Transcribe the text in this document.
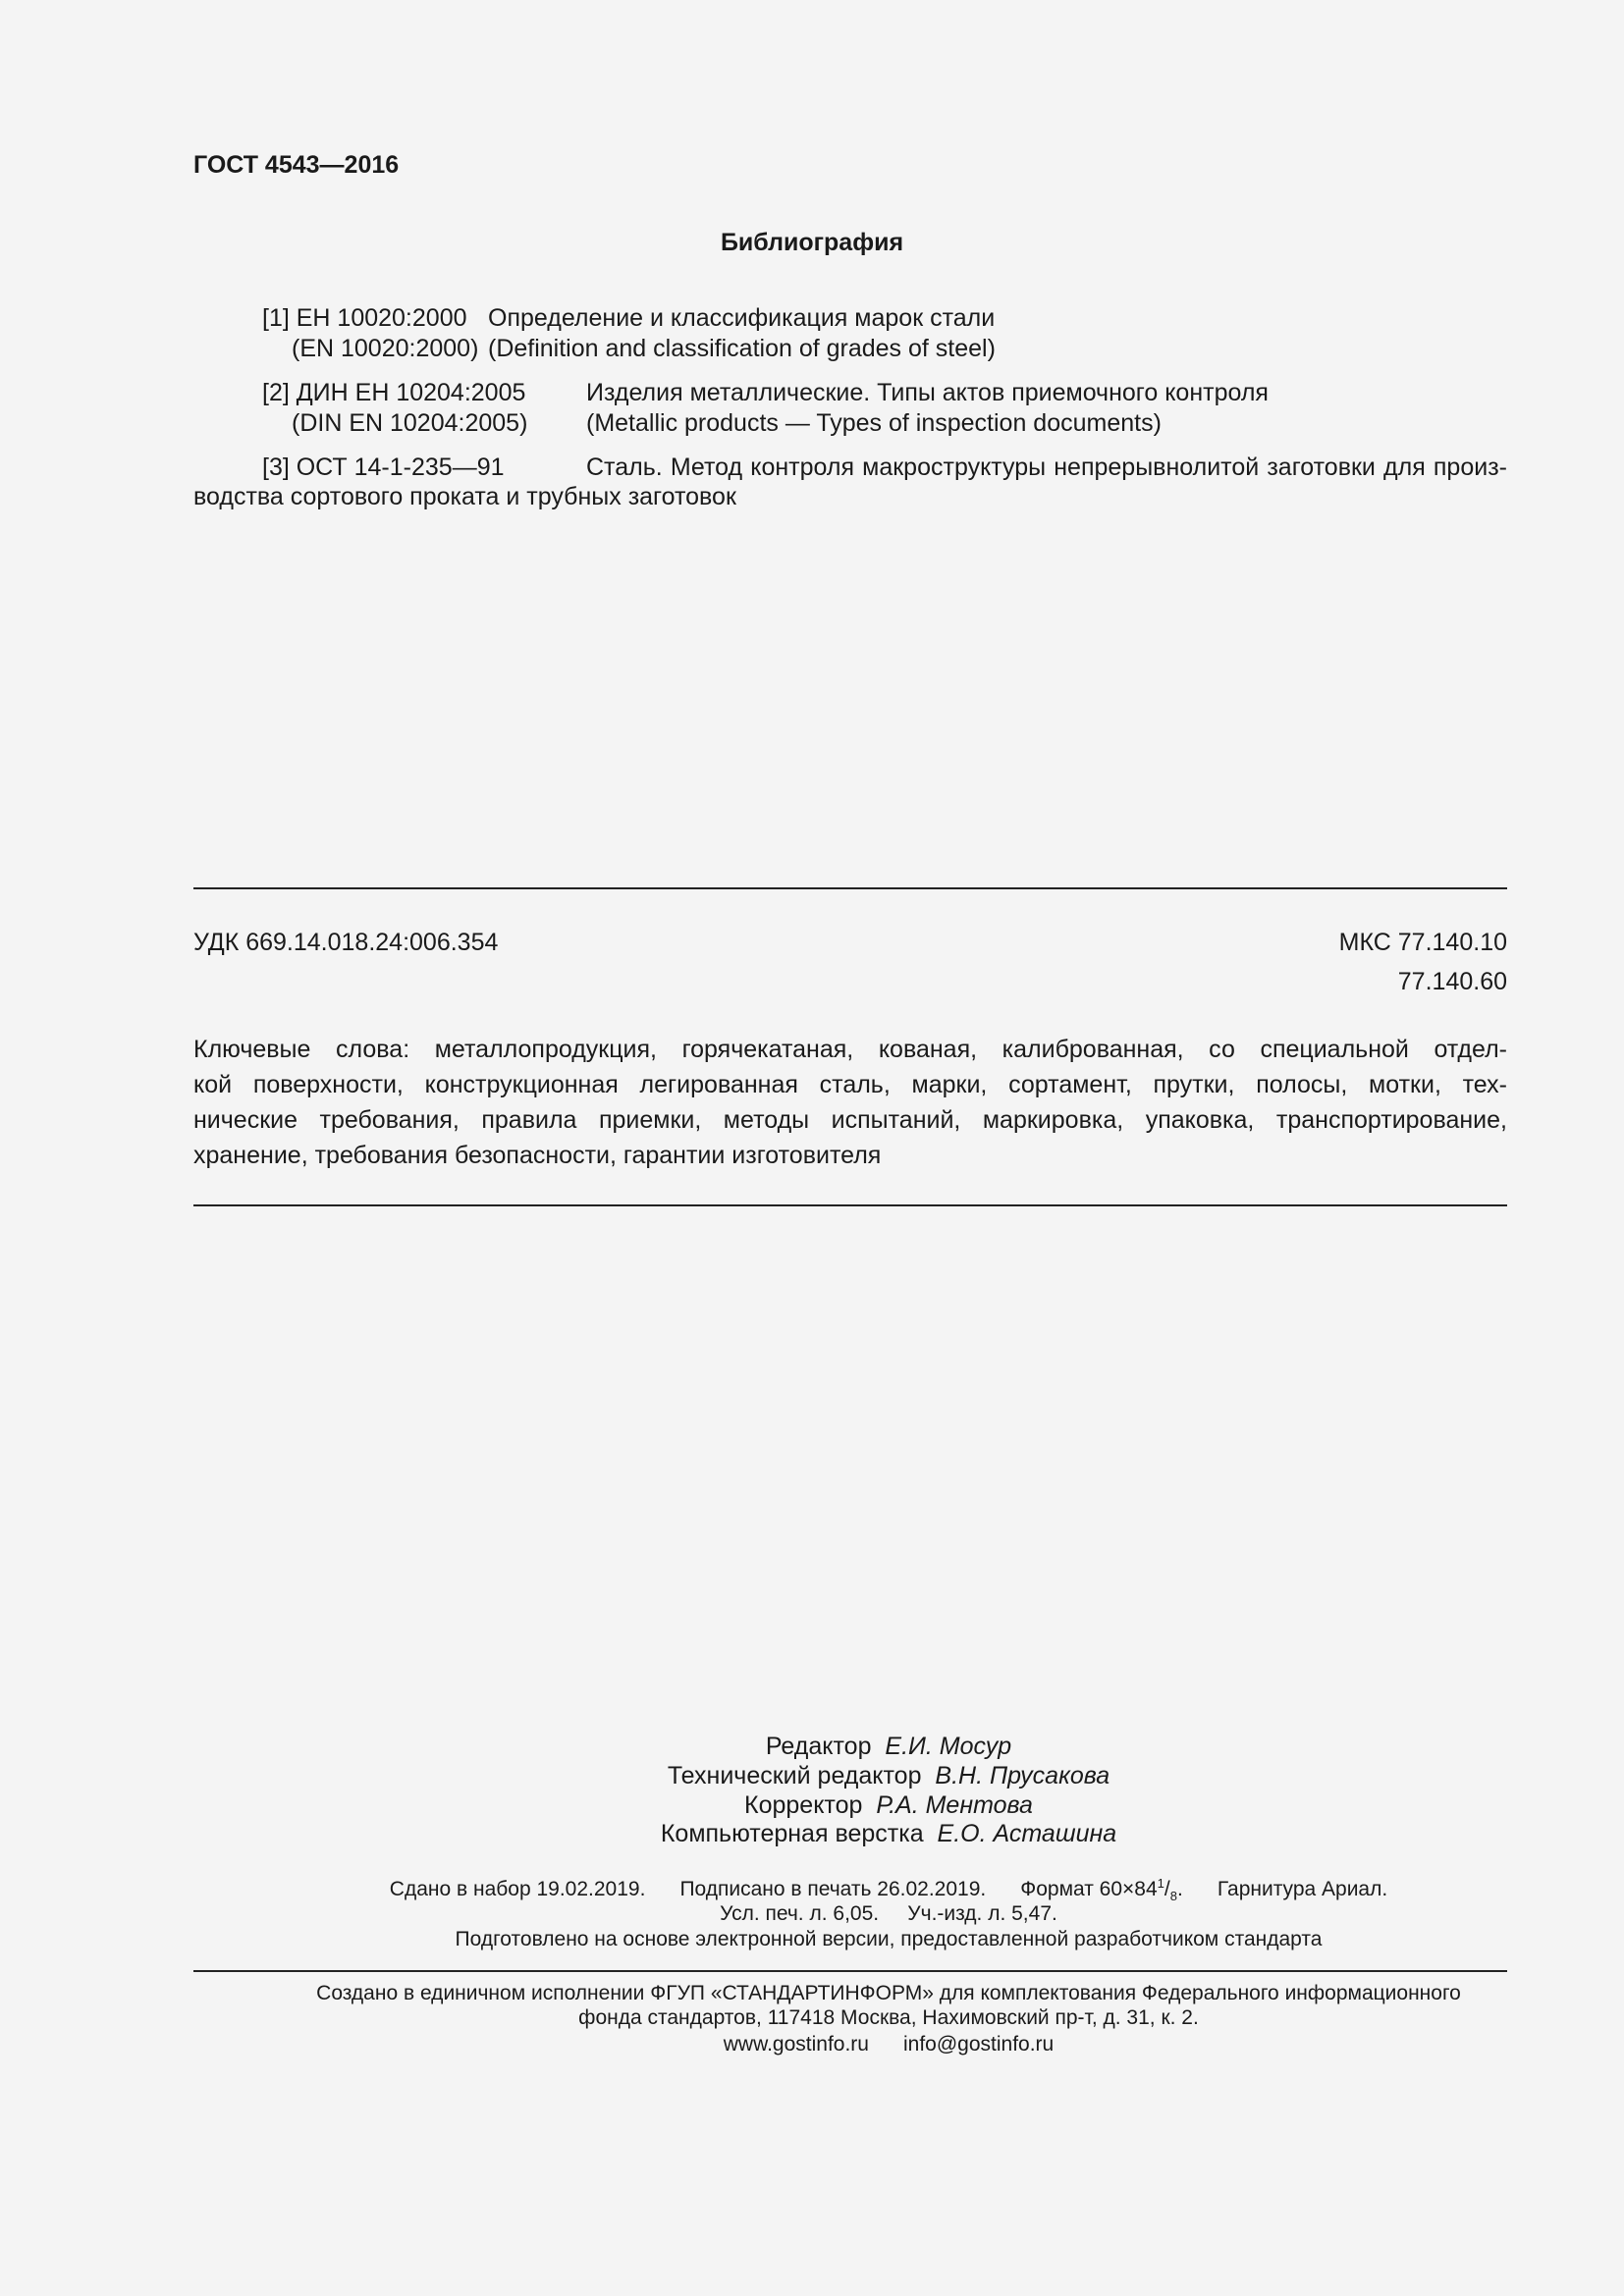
ГОСТ 4543—2016
Библиография
[1] ЕН 10020:2000 Определение и классификация марок стали
(EN 10020:2000) (Definition and classification of grades of steel)
[2] ДИН ЕН 10204:2005 Изделия металлические. Типы актов приемочного контроля
(DIN EN 10204:2005) (Metallic products — Types of inspection documents)
[3] ОСТ 14-1-235—91	Сталь. Метод контроля макроструктуры непрерывнолитой заготовки для произ-
водства сортового проката и трубных заготовок
УДК 669.14.018.24:006.354	МКС 77.140.10
77.140.60
Ключевые слова: металлопродукция, горячекатаная, кованая, калиброванная, со специальной отдел-
кой поверхности, конструкционная легированная сталь, марки, сортамент, прутки, полосы, мотки, тех-
нические требования, правила приемки, методы испытаний, маркировка, упаковка, транспортирование,
хранение, требования безопасности, гарантии изготовителя
Редактор Е.И. Мосур
Технический редактор В.Н. Прусакова
Корректор Р.А. Ментова
Компьютерная верстка Е.О. Асташина
Сдано в набор 19.02.2019. Подписано в печать 26.02.2019. Формат $60\times 84^1/_8$.      Гарнитура Ариал.
Усл. печ. л. 6,05. Уч.-изд. л. 5,47.
Подготовлено на основе электронной версии, предоставленной разработчиком стандарта
Создано в единичном исполнении ФГУП «СТАНДАРТИНФОРМ» для комплектования Федерального информационного
фонда стандартов, 117418 Москва, Нахимовский пр-т, д. 31, к. 2.
www.gostinfo.ru info@gostinfo.ru
